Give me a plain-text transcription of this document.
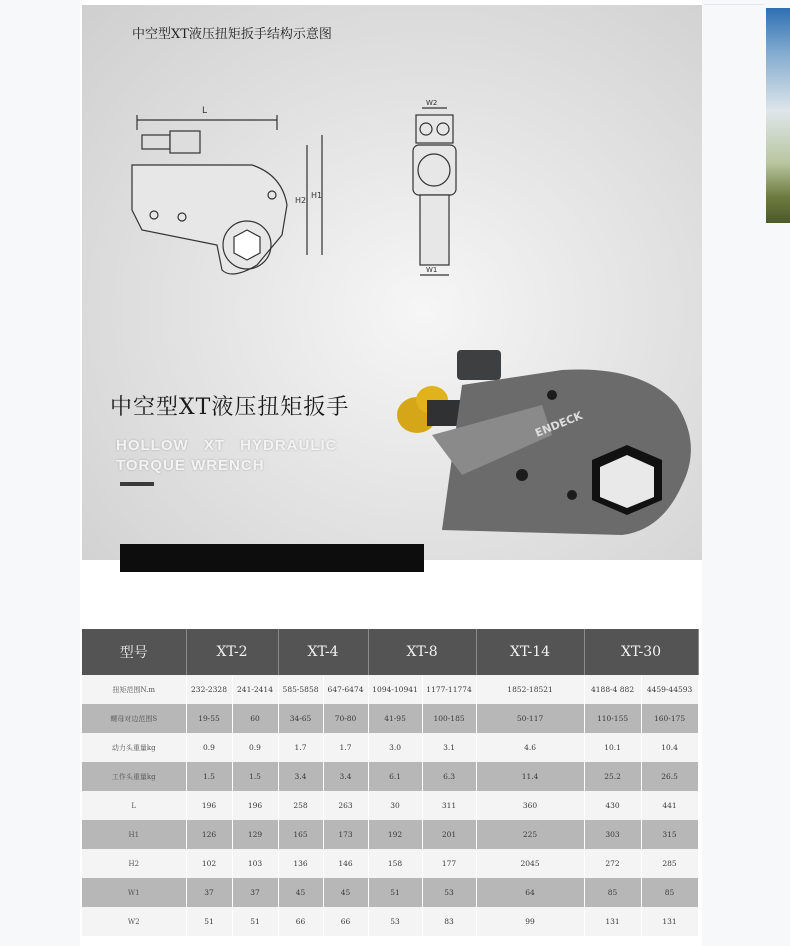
中空型XT液压扭矩扳手结构示意图
L
H2
H1
W2
W1
ENDECK
中空型XT液压扭矩扳手
HOLLOW XT HYDRAULIC
TORQUE WRENCH
型号	XT-2		XT-4		XT-8		XT-14	XT-30	
扭矩范围N.m	232-2328	241-2414	585-5858	647-6474	1094-10941	1177-11774	1852-18521	4188-4 882	4459-44593
螺母对边范围S	19-55	60	34-65	70-80	41-95	100-185	50-117	110-155	160-175
动力头重量kg	0.9	0.9	1.7	1.7	3.0	3.1	4.6	10.1	10.4
工作头重量kg	1.5	1.5	3.4	3.4	6.1	6.3	11.4	25.2	26.5
L	196	196	258	263	30	311	360	430	441
H1	126	129	165	173	192	201	225	303	315
H2	102	103	136	146	158	177	2045	272	285
W1	37	37	45	45	51	53	64	85	85
W2	51	51	66	66	53	83	99	131	131
